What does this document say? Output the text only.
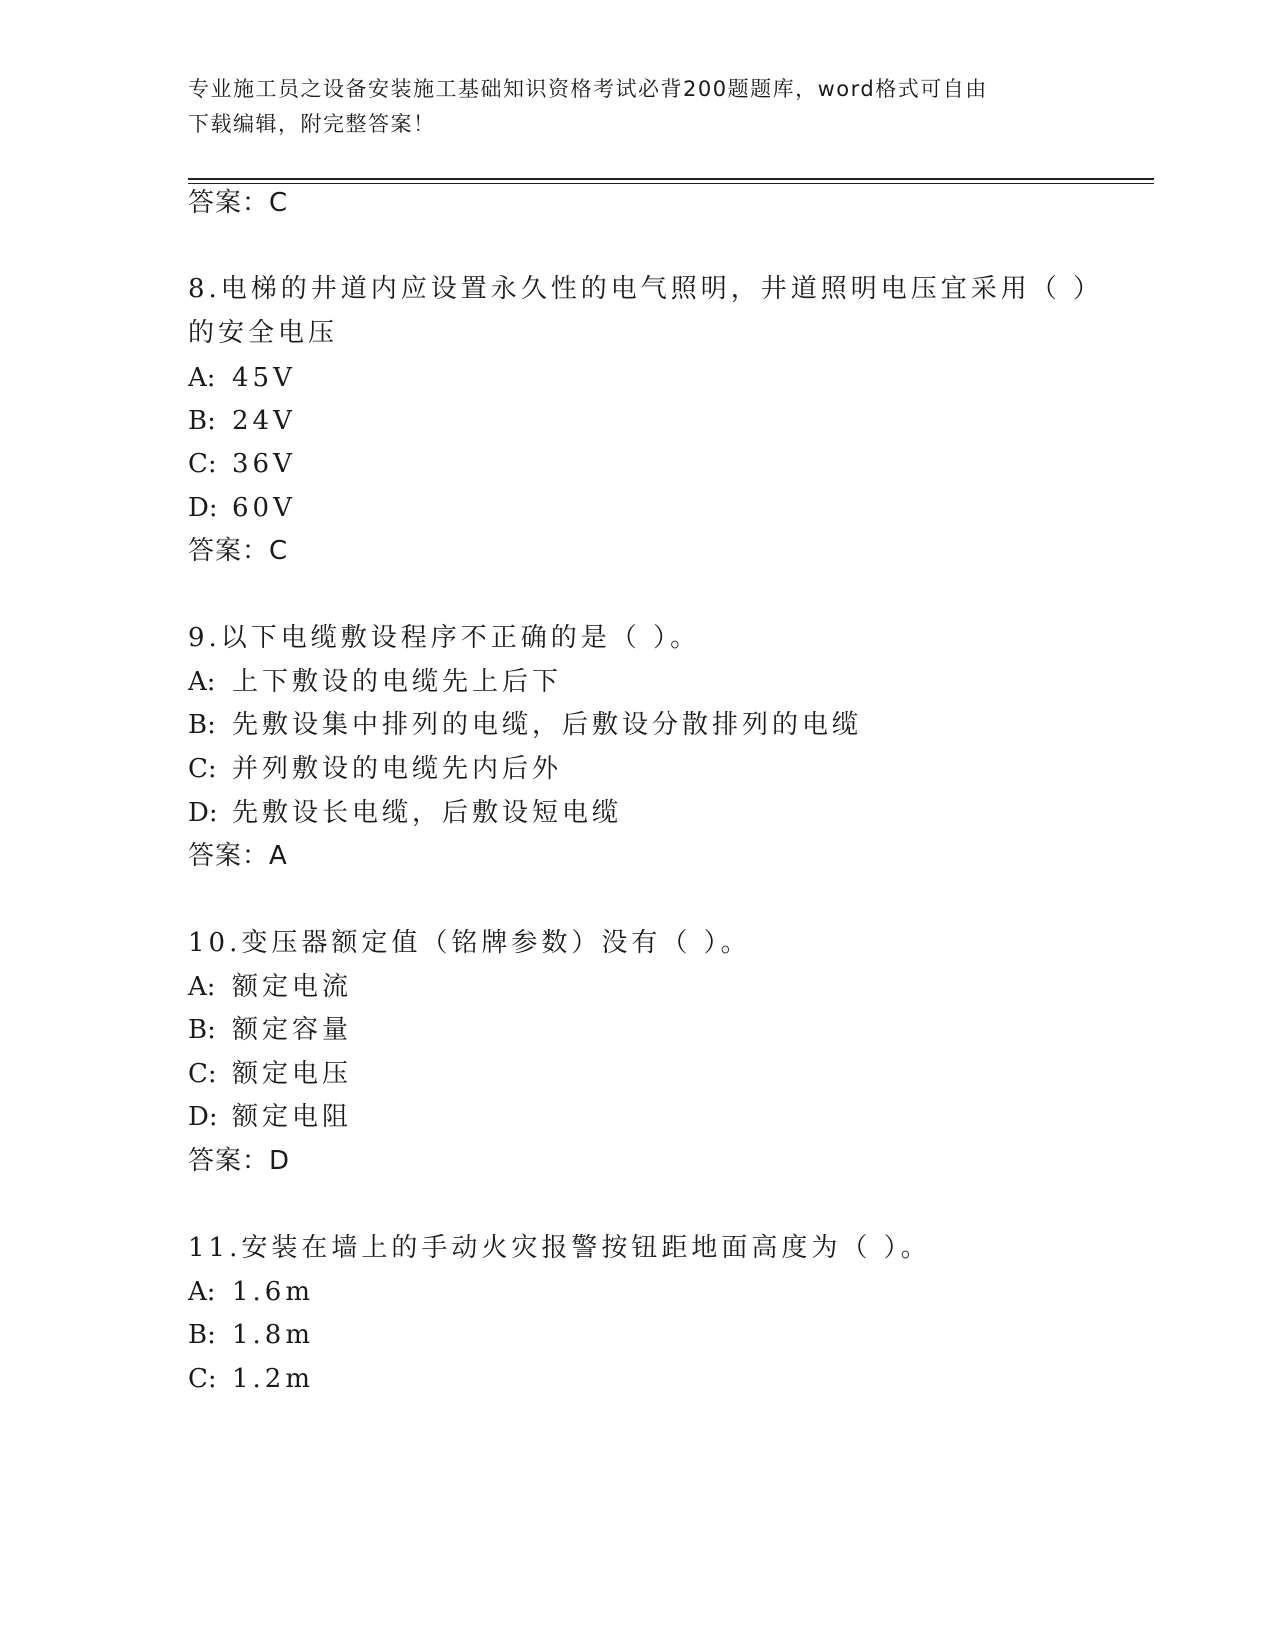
专业施工员之设备安装施工基础知识资格考试必背200题题库，word格式可自由
下载编辑，附完整答案！
答案：C
8.电梯的井道内应设置永久性的电气照明，井道照明电压宜采用（ ）
的安全电压
A: 45V
B: 24V
C: 36V
D: 60V
答案：C
9.以下电缆敷设程序不正确的是（ ）。
A: 上下敷设的电缆先上后下
B: 先敷设集中排列的电缆，后敷设分散排列的电缆
C: 并列敷设的电缆先内后外
D: 先敷设长电缆，后敷设短电缆
答案：A
10.变压器额定值（铭牌参数）没有（ ）。
A: 额定电流
B: 额定容量
C: 额定电压
D: 额定电阻
答案：D
11.安装在墙上的手动火灾报警按钮距地面高度为（ ）。
A: 1.6m
B: 1.8m
C: 1.2m
